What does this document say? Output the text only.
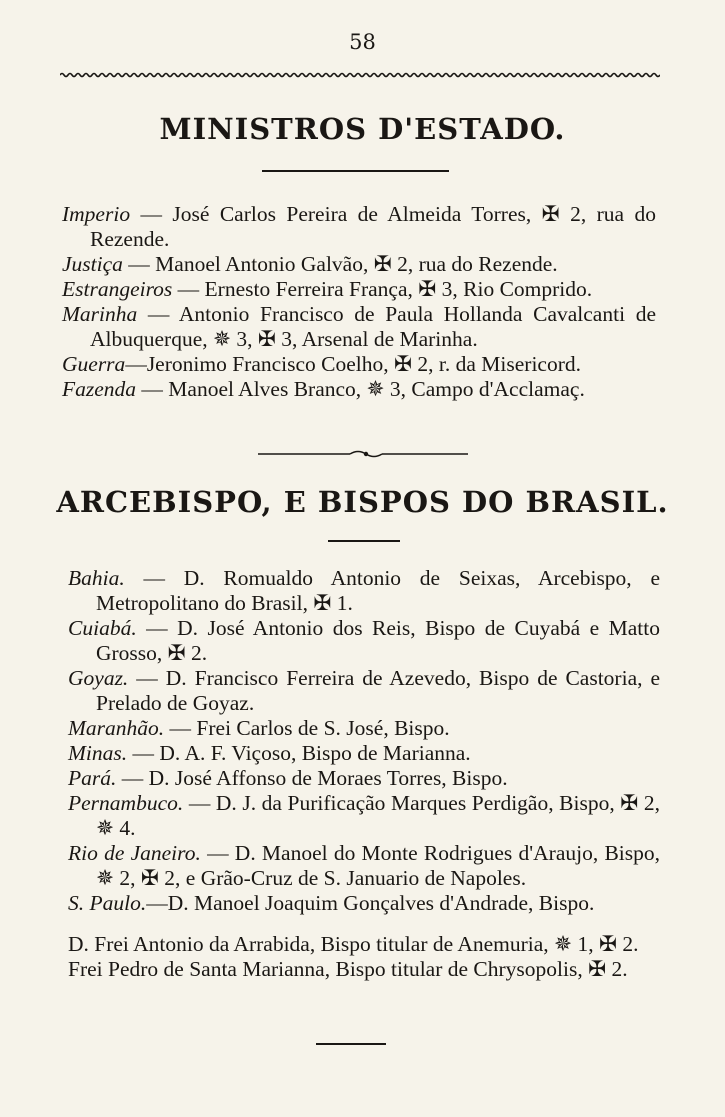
58
MINISTROS D'ESTADO.
Imperio — José Carlos Pereira de Almeida Torres, ✠ 2, rua do Rezende.
Justiça — Manoel Antonio Galvão, ✠ 2, rua do Rezende.
Estrangeiros — Ernesto Ferreira França, ✠ 3, Rio Comprido.
Marinha — Antonio Francisco de Paula Hollanda Cavalcanti de Albuquerque, ✵ 3, ✠ 3, Arsenal de Marinha.
Guerra—Jeronimo Francisco Coelho, ✠ 2, r. da Misericord.
Fazenda — Manoel Alves Branco, ✵ 3, Campo d'Acclamaç.
ARCEBISPO, E BISPOS DO BRASIL.
Bahia. — D. Romualdo Antonio de Seixas, Arcebispo, e Metropolitano do Brasil, ✠ 1.
Cuiabá. — D. José Antonio dos Reis, Bispo de Cuyabá e Matto Grosso, ✠ 2.
Goyaz. — D. Francisco Ferreira de Azevedo, Bispo de Castoria, e Prelado de Goyaz.
Maranhão. — Frei Carlos de S. José, Bispo.
Minas. — D. A. F. Viçoso, Bispo de Marianna.
Pará. — D. José Affonso de Moraes Torres, Bispo.
Pernambuco. — D. J. da Purificação Marques Perdigão, Bispo, ✠ 2, ✵ 4.
Rio de Janeiro. — D. Manoel do Monte Rodrigues d'Araujo, Bispo, ✵ 2, ✠ 2, e Grão-Cruz de S. Januario de Napoles.
S. Paulo.—D. Manoel Joaquim Gonçalves d'Andrade, Bispo.
D. Frei Antonio da Arrabida, Bispo titular de Anemuria, ✵ 1, ✠ 2.
Frei Pedro de Santa Marianna, Bispo titular de Chrysopolis, ✠ 2.
